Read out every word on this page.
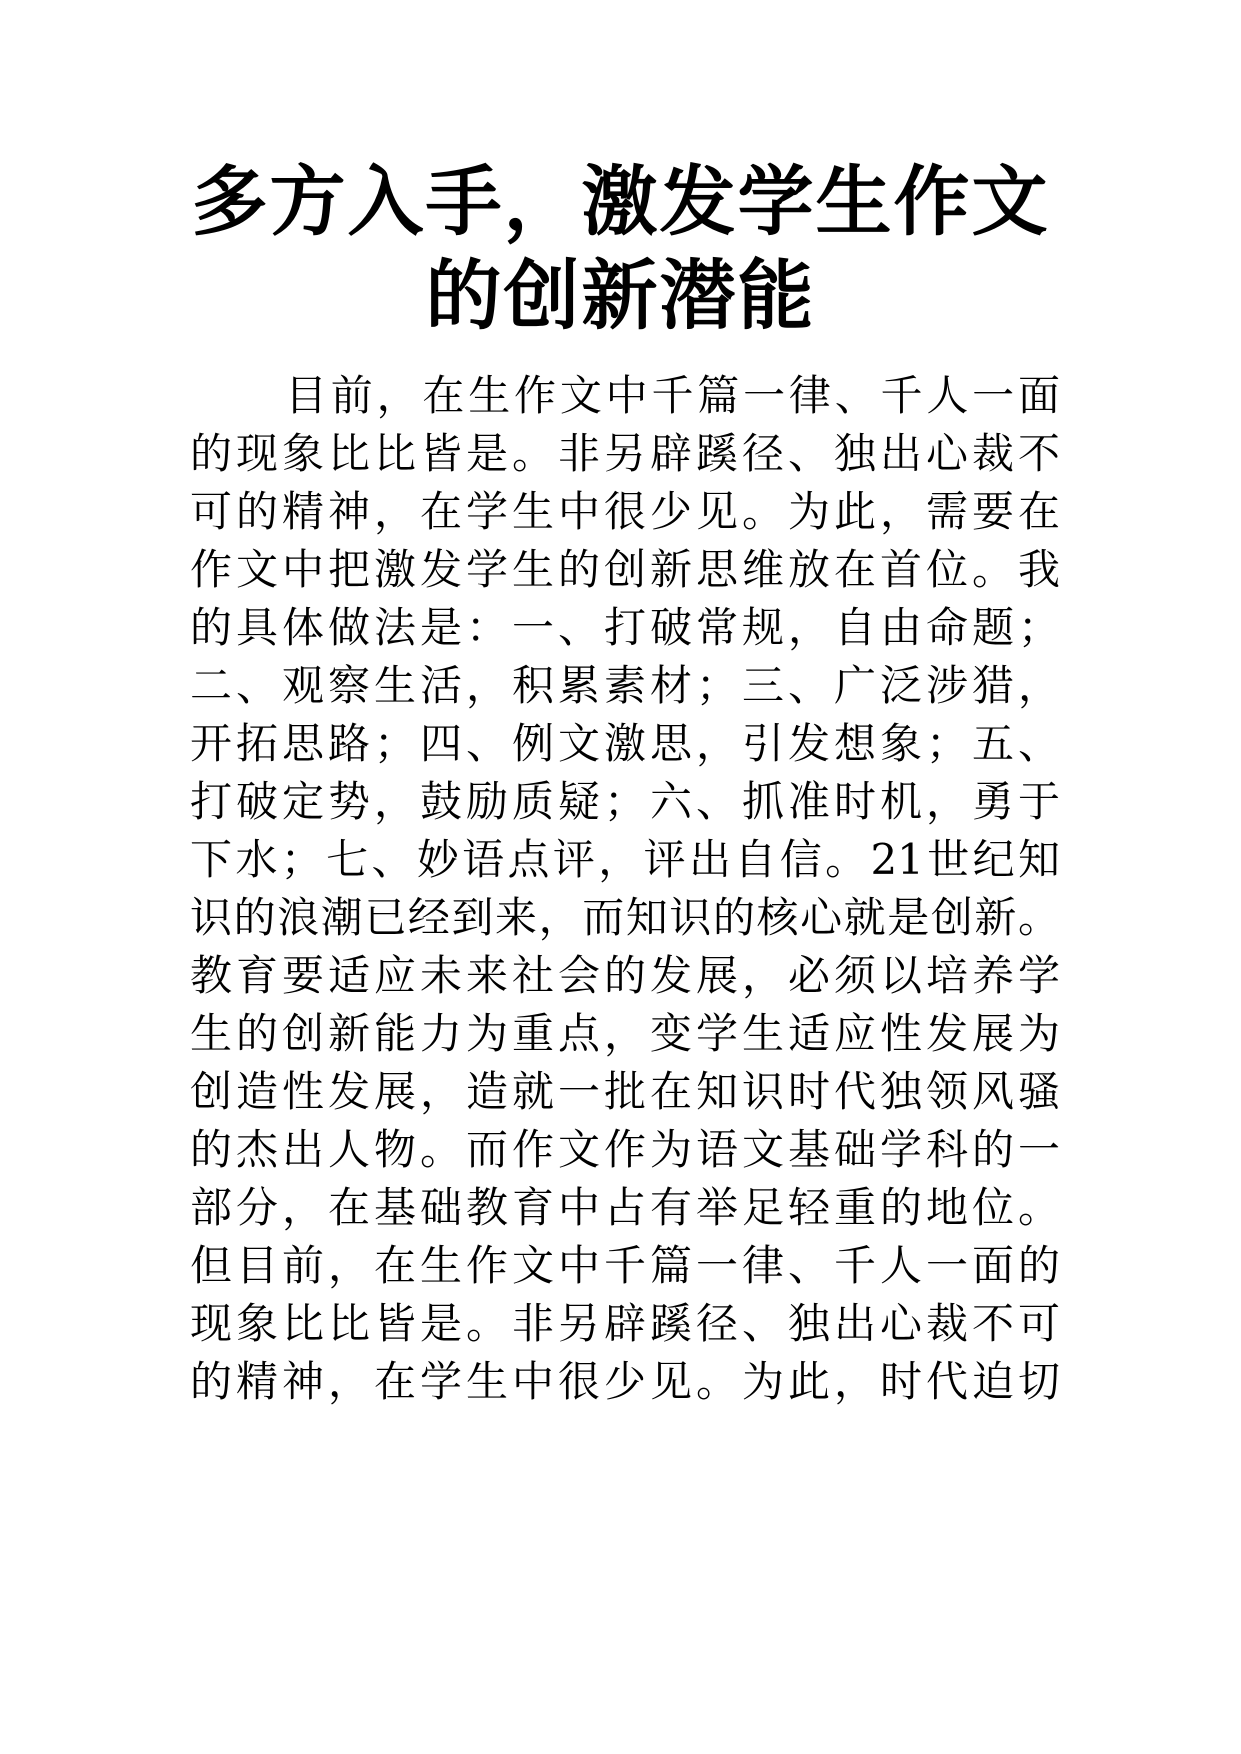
多方入手，激发学生作文
的创新潜能
目前，在生作文中千篇一律、千人一面
的现象比比皆是。非另辟蹊径、独出心裁不
可的精神，在学生中很少见。为此，需要在
作文中把激发学生的创新思维放在首位。我
的具体做法是：一、打破常规，自由命题；
二、观察生活，积累素材；三、广泛涉猎，
开拓思路；四、例文激思，引发想象；五、
打破定势，鼓励质疑；六、抓准时机，勇于
下水；七、妙语点评，评出自信。21世纪知
识的浪潮已经到来，而知识的核心就是创新。
教育要适应未来社会的发展，必须以培养学
生的创新能力为重点，变学生适应性发展为
创造性发展，造就一批在知识时代独领风骚
的杰出人物。而作文作为语文基础学科的一
部分，在基础教育中占有举足轻重的地位。
但目前，在生作文中千篇一律、千人一面的
现象比比皆是。非另辟蹊径、独出心裁不可
的精神，在学生中很少见。为此，时代迫切
